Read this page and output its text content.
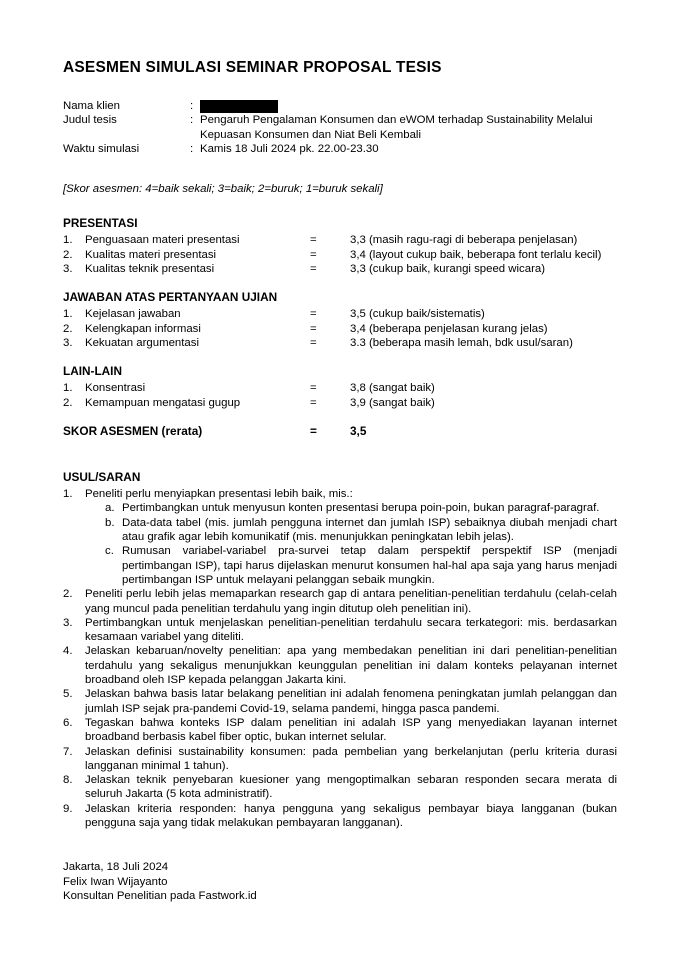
ASESMEN SIMULASI SEMINAR PROPOSAL TESIS
Nama klien	:
Judul tesis	: Pengaruh Pengalaman Konsumen dan eWOM terhadap Sustainability Melalui Kepuasan Konsumen dan Niat Beli Kembali
Waktu simulasi	: Kamis 18 Juli 2024 pk. 22.00-23.30
[Skor asesmen: 4=baik sekali; 3=baik; 2=buruk; 1=buruk sekali]
PRESENTASI
1.	Penguasaan materi presentasi	=	3,3 (masih ragu-ragi di beberapa penjelasan)
2.	Kualitas materi presentasi	=	3,4 (layout cukup baik, beberapa font terlalu kecil)
3.	Kualitas teknik presentasi	=	3,3 (cukup baik, kurangi speed wicara)
JAWABAN ATAS PERTANYAAN UJIAN
1.	Kejelasan jawaban	=	3,5 (cukup baik/sistematis)
2.	Kelengkapan informasi	=	3,4 (beberapa penjelasan kurang jelas)
3.	Kekuatan argumentasi	=	3.3 (beberapa masih lemah, bdk usul/saran)
LAIN-LAIN
1.	Konsentrasi	=	3,8 (sangat baik)
2.	Kemampuan mengatasi gugup	=	3,9 (sangat baik)
SKOR ASESMEN (rerata)	=	3,5
USUL/SARAN
1.	Peneliti perlu menyiapkan presentasi lebih baik, mis.:
a. Pertimbangkan untuk menyusun konten presentasi berupa poin-poin, bukan paragraf-paragraf.
b. Data-data tabel (mis. jumlah pengguna internet dan jumlah ISP) sebaiknya diubah menjadi chart atau grafik agar lebih komunikatif (mis. menunjukkan peningkatan lebih jelas).
c. Rumusan variabel-variabel pra-survei tetap dalam perspektif perspektif ISP (menjadi pertimbangan ISP), tapi harus dijelaskan menurut konsumen hal-hal apa saja yang harus menjadi pertimbangan ISP untuk melayani pelanggan sebaik mungkin.
2.	Peneliti perlu lebih jelas memaparkan research gap di antara penelitian-penelitian terdahulu (celah-celah yang muncul pada penelitian terdahulu yang ingin ditutup oleh penelitian ini).
3.	Pertimbangkan untuk menjelaskan penelitian-penelitian terdahulu secara terkategori: mis. berdasarkan kesamaan variabel yang diteliti.
4.	Jelaskan kebaruan/novelty penelitian: apa yang membedakan penelitian ini dari penelitian-penelitian terdahulu yang sekaligus menunjukkan keunggulan penelitian ini dalam konteks pelayanan internet broadband oleh ISP kepada pelanggan Jakarta kini.
5.	Jelaskan bahwa basis latar belakang penelitian ini adalah fenomena peningkatan jumlah pelanggan dan jumlah ISP sejak pra-pandemi Covid-19, selama pandemi, hingga pasca pandemi.
6.	Tegaskan bahwa konteks ISP dalam penelitian ini adalah ISP yang menyediakan layanan internet broadband berbasis kabel fiber optic, bukan internet selular.
7.	Jelaskan definisi sustainability konsumen: pada pembelian yang berkelanjutan (perlu kriteria durasi langganan minimal 1 tahun).
8.	Jelaskan teknik penyebaran kuesioner yang mengoptimalkan sebaran responden secara merata di seluruh Jakarta (5 kota administratif).
9.	Jelaskan kriteria responden: hanya pengguna yang sekaligus pembayar biaya langganan (bukan pengguna saja yang tidak melakukan pembayaran langganan).
Jakarta, 18 Juli 2024
Felix Iwan Wijayanto
Konsultan Penelitian pada Fastwork.id
